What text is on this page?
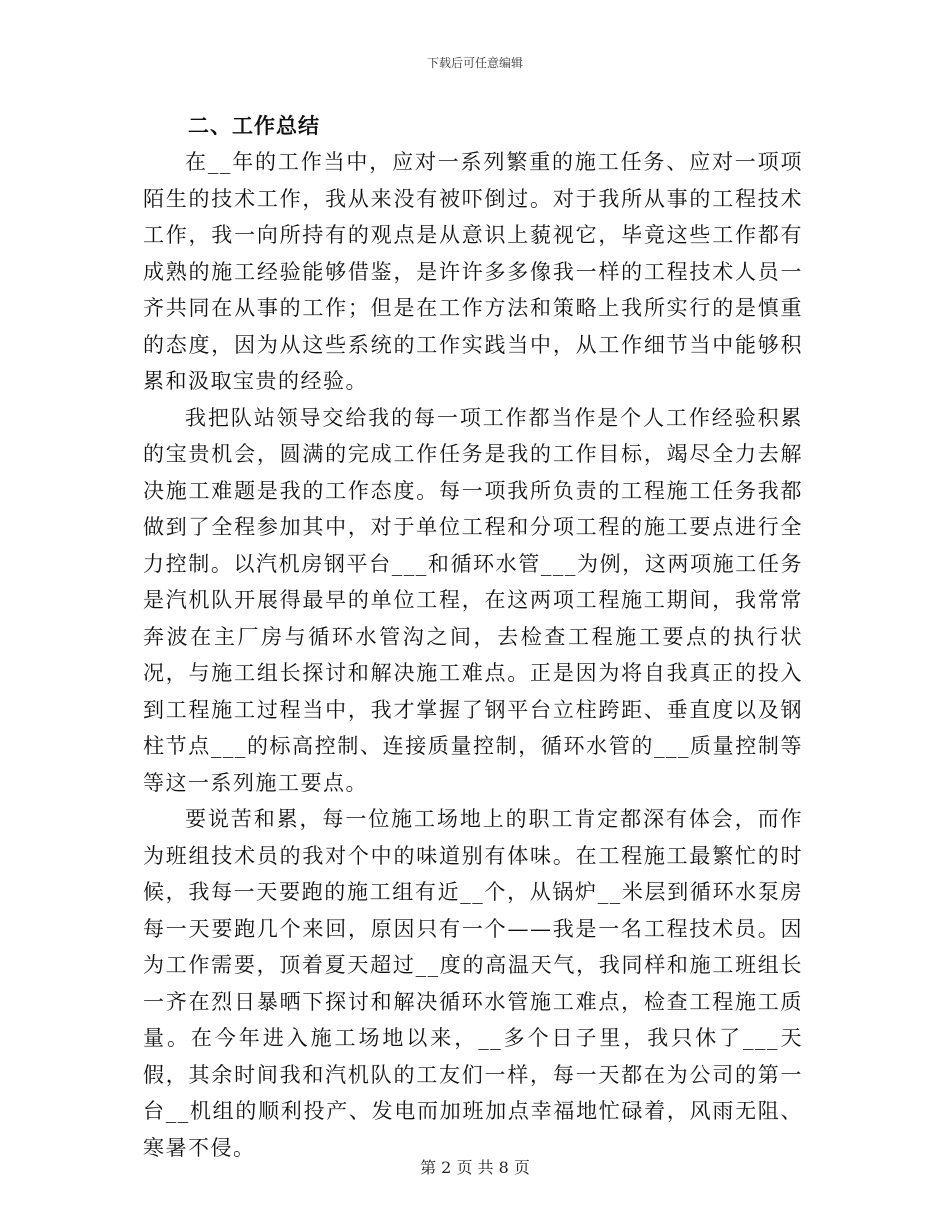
下载后可任意编辑
二、工作总结

在__年的工作当中，应对一系列繁重的施工任务、应对一项项陌生的技术工作，我从来没有被吓倒过。对于我所从事的工程技术工作，我一向所持有的观点是从意识上藐视它，毕竟这些工作都有成熟的施工经验能够借鉴，是许许多多像我一样的工程技术人员一齐共同在从事的工作；但是在工作方法和策略上我所实行的是慎重的态度，因为从这些系统的工作实践当中，从工作细节当中能够积累和汲取宝贵的经验。

我把队站领导交给我的每一项工作都当作是个人工作经验积累的宝贵机会，圆满的完成工作任务是我的工作目标，竭尽全力去解决施工难题是我的工作态度。每一项我所负责的工程施工任务我都做到了全程参加其中，对于单位工程和分项工程的施工要点进行全力控制。以汽机房钢平台___和循环水管___为例，这两项施工任务是汽机队开展得最早的单位工程，在这两项工程施工期间，我常常奔波在主厂房与循环水管沟之间，去检查工程施工要点的执行状况，与施工组长探讨和解决施工难点。正是因为将自我真正的投入到工程施工过程当中，我才掌握了钢平台立柱跨距、垂直度以及钢柱节点___的标高控制、连接质量控制，循环水管的___质量控制等等这一系列施工要点。

要说苦和累，每一位施工场地上的职工肯定都深有体会，而作为班组技术员的我对个中的味道别有体味。在工程施工最繁忙的时候，我每一天要跑的施工组有近__个，从锅炉__米层到循环水泵房每一天要跑几个来回，原因只有一个——我是一名工程技术员。因为工作需要，顶着夏天超过__度的高温天气，我同样和施工班组长一齐在烈日暴晒下探讨和解决循环水管施工难点，检查工程施工质量。在今年进入施工场地以来，__多个日子里，我只休了___天假，其余时间我和汽机队的工友们一样，每一天都在为公司的第一台__机组的顺利投产、发电而加班加点幸福地忙碌着，风雨无阻、寒暑不侵。

第 2 页 共 8 页
